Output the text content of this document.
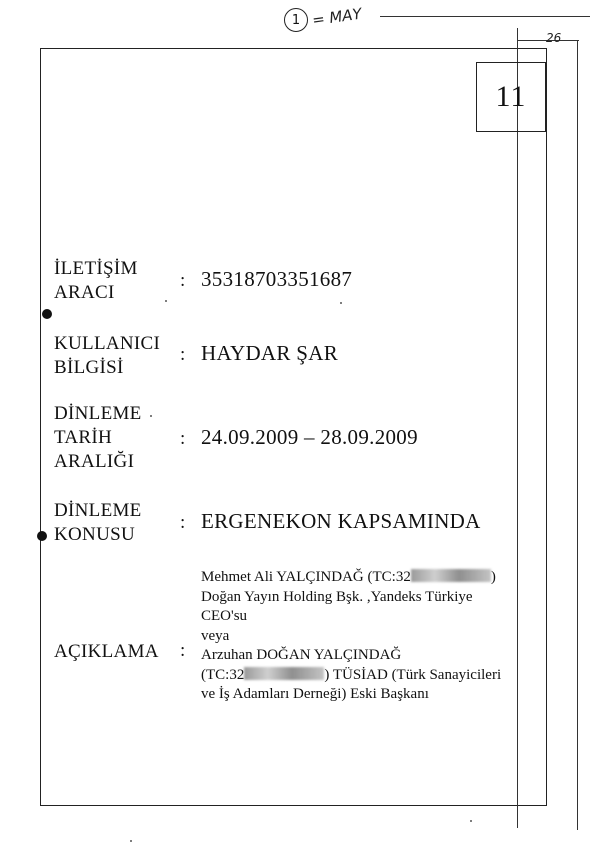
1 = MAY
26
11
İLETİŞİM
ARACI
: 35318703351687
KULLANICI
BİLGİSİ
: HAYDAR ŞAR
DİNLEME
TARİH
ARALIĞI
: 24.09.2009 – 28.09.2009
DİNLEME
KONUSU
: ERGENEKON KAPSAMINDA
AÇIKLAMA :
Mehmet Ali YALÇINDAĞ (TC:32	)
Doğan Yayın Holding Bşk. ,Yandeks Türkiye
CEO'su
veya
Arzuhan DOĞAN YALÇINDAĞ
(TC:32	) TÜSİAD (Türk Sanayicileri
ve İş Adamları Derneği) Eski Başkanı
